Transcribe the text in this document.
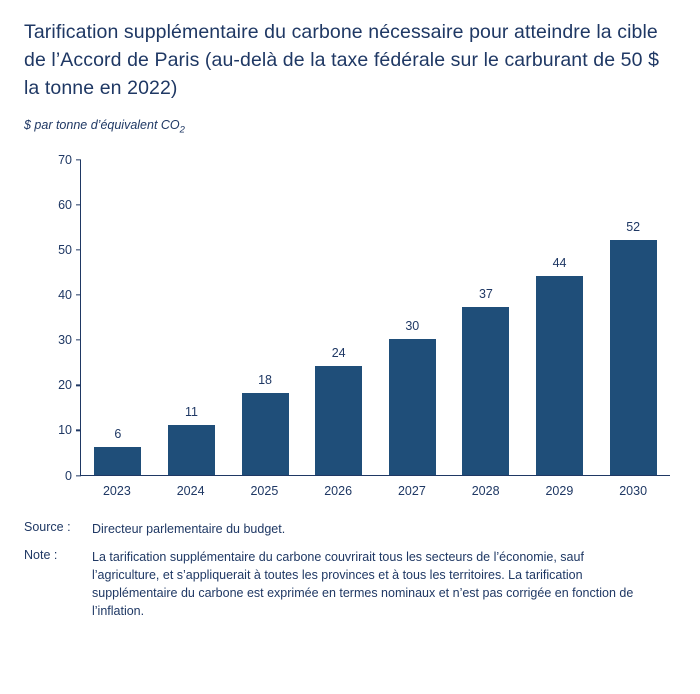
Tarification supplémentaire du carbone nécessaire pour atteindre la cible de l’Accord de Paris (au-delà de la taxe fédérale sur le carburant de 50 $ la tonne en 2022)
$ par tonne d’équivalent $CO_2$
0
10
20
30
40
50
60
70
6
11
18
24
30
37
44
52
2023	2024	2025	2026	2027	2028	2029	2030
Source :	Directeur parlementaire du budget.
Note :	La tarification supplémentaire du carbone couvrirait tous les secteurs de l’économie, sauf l’agriculture, et s’appliquerait à toutes les provinces et à tous les territoires. La tarification supplémentaire du carbone est exprimée en termes nominaux et n’est pas corrigée en fonction de l’inflation.
